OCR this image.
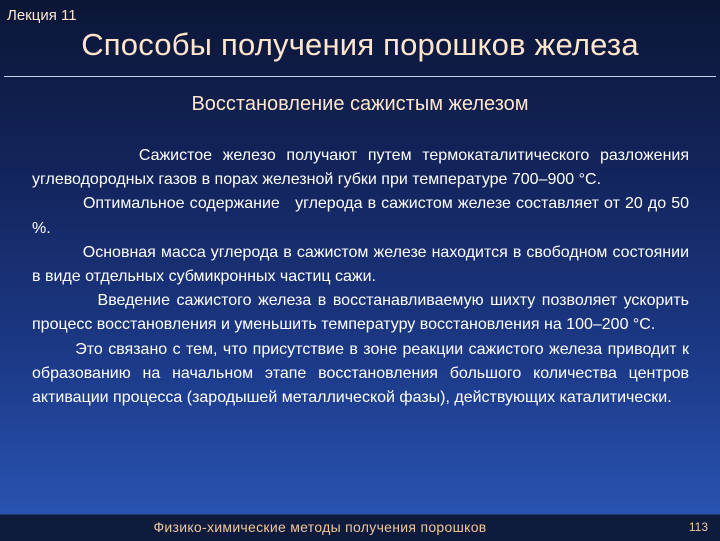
Лекция 11
Способы получения порошков железа
Восстановление сажистым железом

Сажистое железо получают путем термокаталитического разложения углеводородных газов в порах железной губки при температуре 700–900 °С.

Оптимальное содержание   углерода в сажистом железе составляет от 20 до 50 %.

Основная масса углерода в сажистом железе находится в свободном состоянии в виде отдельных субмикронных частиц сажи.

Введение сажистого железа в восстанавливаемую шихту позволяет ускорить процесс восстановления и уменьшить температуру восстановления на 100–200 °С.

Это связано с тем, что присутствие в зоне реакции сажистого железа приводит к образованию на начальном этапе восстановления большого количества центров активации процесса (зародышей металлической фазы), действующих каталитически.

Физико-химические методы получения порошков	113
